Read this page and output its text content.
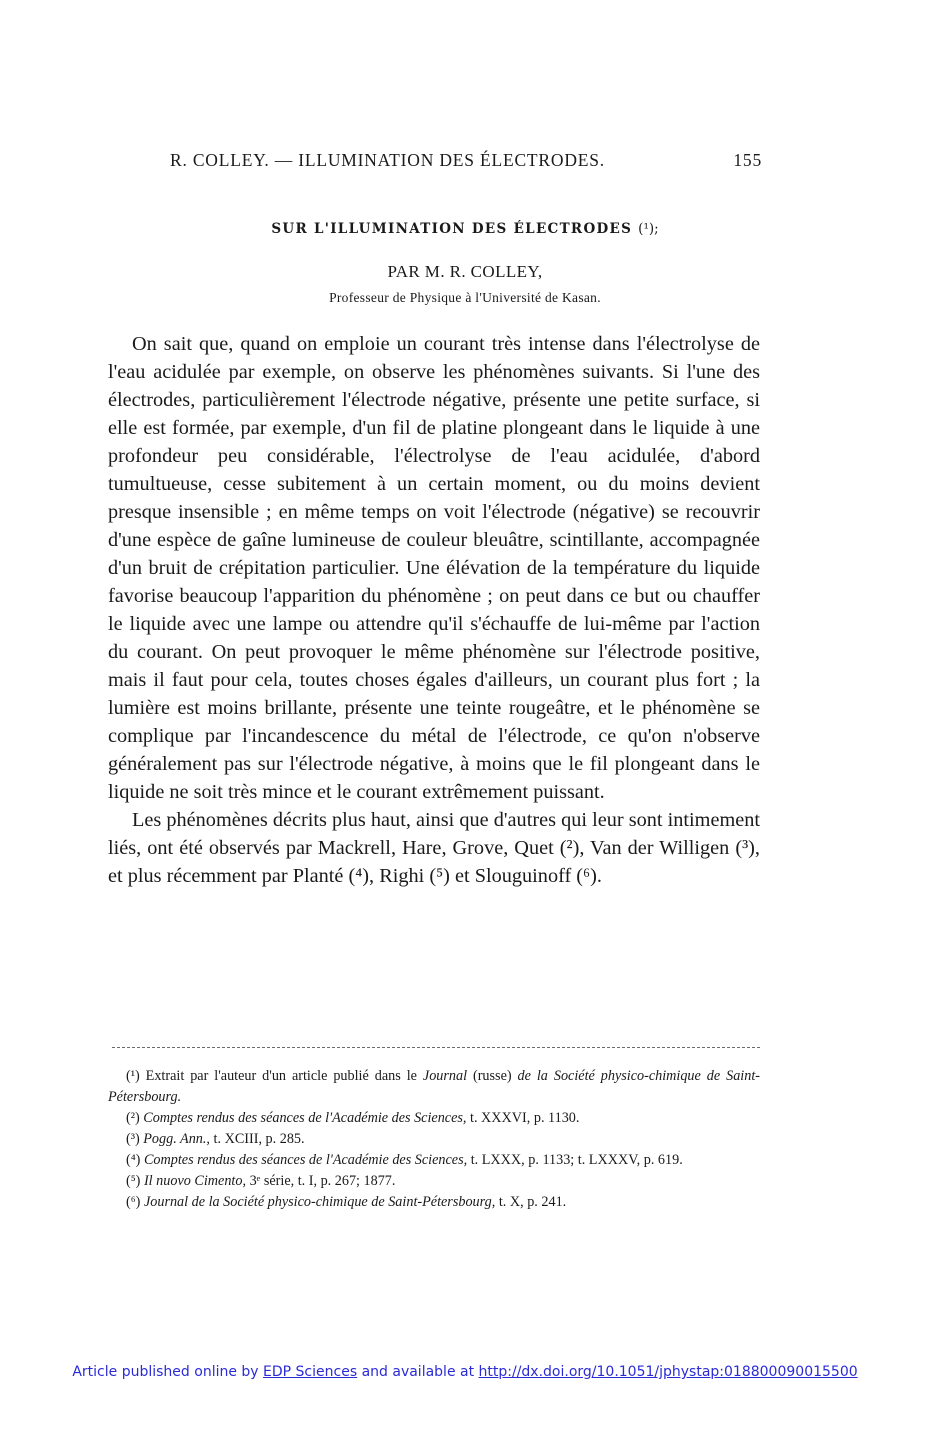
R. COLLEY. — ILLUMINATION DES ÉLECTRODES.	155
SUR L'ILLUMINATION DES ÉLECTRODES (¹);
PAR M. R. COLLEY,
Professeur de Physique à l'Université de Kasan.

On sait que, quand on emploie un courant très intense dans l'électrolyse de l'eau acidulée par exemple, on observe les phénomènes suivants. Si l'une des électrodes, particulièrement l'électrode négative, présente une petite surface, si elle est formée, par exemple, d'un fil de platine plongeant dans le liquide à une profondeur peu considérable, l'électrolyse de l'eau acidulée, d'abord tumultueuse, cesse subitement à un certain moment, ou du moins devient presque insensible ; en même temps on voit l'électrode (négative) se recouvrir d'une espèce de gaîne lumineuse de couleur bleuâtre, scintillante, accompagnée d'un bruit de crépitation particulier. Une élévation de la température du liquide favorise beaucoup l'apparition du phénomène ; on peut dans ce but ou chauffer le liquide avec une lampe ou attendre qu'il s'échauffe de lui-même par l'action du courant. On peut provoquer le même phénomène sur l'électrode positive, mais il faut pour cela, toutes choses égales d'ailleurs, un courant plus fort ; la lumière est moins brillante, présente une teinte rougeâtre, et le phénomène se complique par l'incandescence du métal de l'électrode, ce qu'on n'observe généralement pas sur l'électrode négative, à moins que le fil plongeant dans le liquide ne soit très mince et le courant extrêmement puissant.

Les phénomènes décrits plus haut, ainsi que d'autres qui leur sont intimement liés, ont été observés par Mackrell, Hare, Grove, Quet (²), Van der Willigen (³), et plus récemment par Planté (⁴), Righi (⁵) et Slouguinoff (⁶).

(¹) Extrait par l'auteur d'un article publié dans le Journal (russe) de la Société physico-chimique de Saint-Pétersbourg.

(²) Comptes rendus des séances de l'Académie des Sciences, t. XXXVI, p. 1130.

(³) Pogg. Ann., t. XCIII, p. 285.

(⁴) Comptes rendus des séances de l'Académie des Sciences, t. LXXX, p. 1133; t. LXXXV, p. 619.

(⁵) Il nuovo Cimento, 3ᵉ série, t. I, p. 267; 1877.

(⁶) Journal de la Société physico-chimique de Saint-Pétersbourg, t. X, p. 241.

Article published online by EDP Sciences and available at http://dx.doi.org/10.1051/jphystap:018800090015500
